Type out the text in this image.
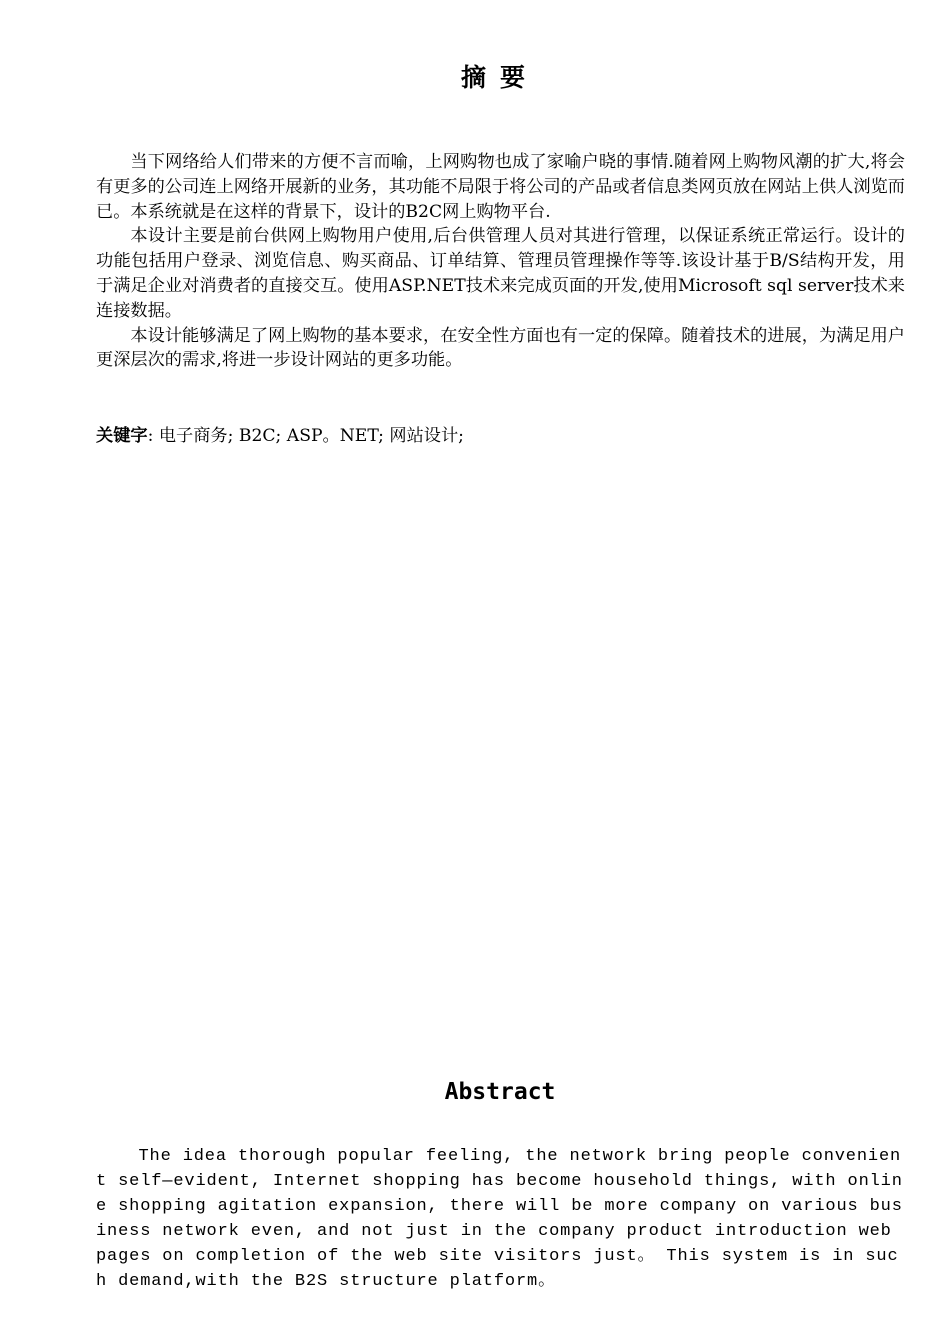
摘要

当下网络给人们带来的方便不言而喻，上网购物也成了家喻户晓的事情.随着网上购物风潮的扩大,将会有更多的公司连上网络开展新的业务，其功能不局限于将公司的产品或者信息类网页放在网站上供人浏览而已。本系统就是在这样的背景下，设计的B2C网上购物平台.

本设计主要是前台供网上购物用户使用,后台供管理人员对其进行管理，以保证系统正常运行。设计的功能包括用户登录、浏览信息、购买商品、订单结算、管理员管理操作等等.该设计基于B/S结构开发，用于满足企业对消费者的直接交互。使用ASP.NET技术来完成页面的开发,使用Microsoft sql server技术来连接数据。

本设计能够满足了网上购物的基本要求，在安全性方面也有一定的保障。随着技术的进展，为满足用户更深层次的需求,将进一步设计网站的更多功能。

关键字: 电子商务; B2C; ASP。NET; 网站设计;
Abstract

The idea thorough popular feeling, the network bring people convenient self—evident, Internet shopping has become household things, with online shopping agitation expansion, there will be more company on various business network even, and not just in the company product introduction web pages on completion of the web site visitors just。 This system is in such demand,with the B2S structure platform。
